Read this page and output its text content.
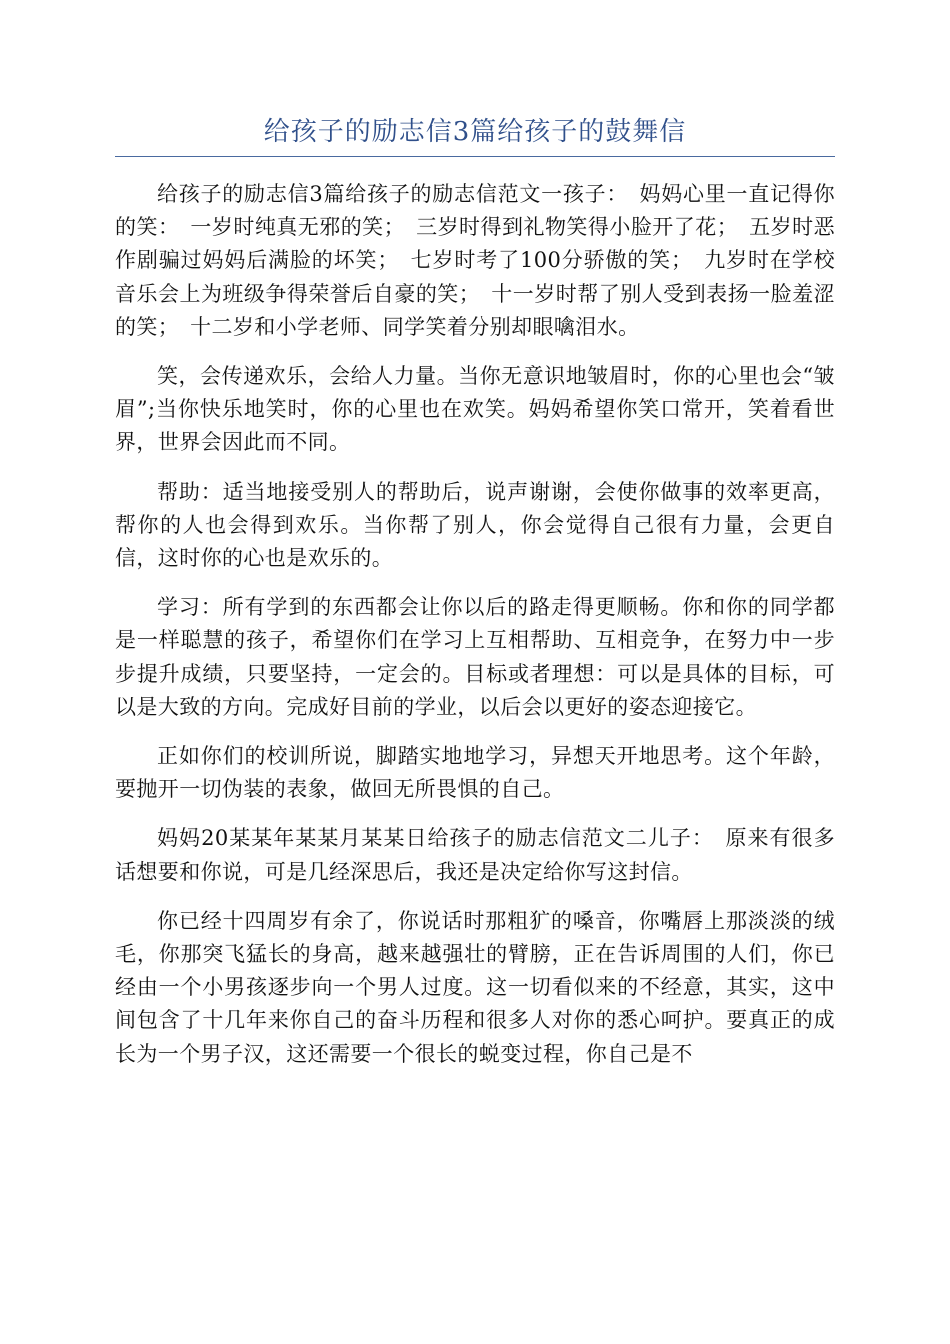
给孩子的励志信3篇给孩子的鼓舞信

给孩子的励志信3篇给孩子的励志信范文一孩子：　妈妈心里一直记得你的笑：　一岁时纯真无邪的笑；　三岁时得到礼物笑得小脸开了花；　五岁时恶作剧骗过妈妈后满脸的坏笑；　七岁时考了100分骄傲的笑；　九岁时在学校音乐会上为班级争得荣誉后自豪的笑；　十一岁时帮了别人受到表扬一脸羞涩的笑；　十二岁和小学老师、同学笑着分别却眼噙泪水。

笑，会传递欢乐，会给人力量。当你无意识地皱眉时，你的心里也会“皱眉”;当你快乐地笑时，你的心里也在欢笑。妈妈希望你笑口常开，笑着看世界，世界会因此而不同。

帮助：适当地接受别人的帮助后，说声谢谢，会使你做事的效率更高，帮你的人也会得到欢乐。当你帮了别人，你会觉得自己很有力量，会更自信，这时你的心也是欢乐的。

学习：所有学到的东西都会让你以后的路走得更顺畅。你和你的同学都是一样聪慧的孩子，希望你们在学习上互相帮助、互相竞争，在努力中一步步提升成绩，只要坚持，一定会的。目标或者理想：可以是具体的目标，可以是大致的方向。完成好目前的学业，以后会以更好的姿态迎接它。

正如你们的校训所说，脚踏实地地学习，异想天开地思考。这个年龄，要抛开一切伪装的表象，做回无所畏惧的自己。

妈妈20某某年某某月某某日给孩子的励志信范文二儿子：　原来有很多话想要和你说，可是几经深思后，我还是决定给你写这封信。

你已经十四周岁有余了，你说话时那粗犷的嗓音，你嘴唇上那淡淡的绒毛，你那突飞猛长的身高，越来越强壮的臂膀，正在告诉周围的人们，你已经由一个小男孩逐步向一个男人过度。这一切看似来的不经意，其实，这中间包含了十几年来你自己的奋斗历程和很多人对你的悉心呵护。要真正的成长为一个男子汉，这还需要一个很长的蜕变过程，你自己是不
